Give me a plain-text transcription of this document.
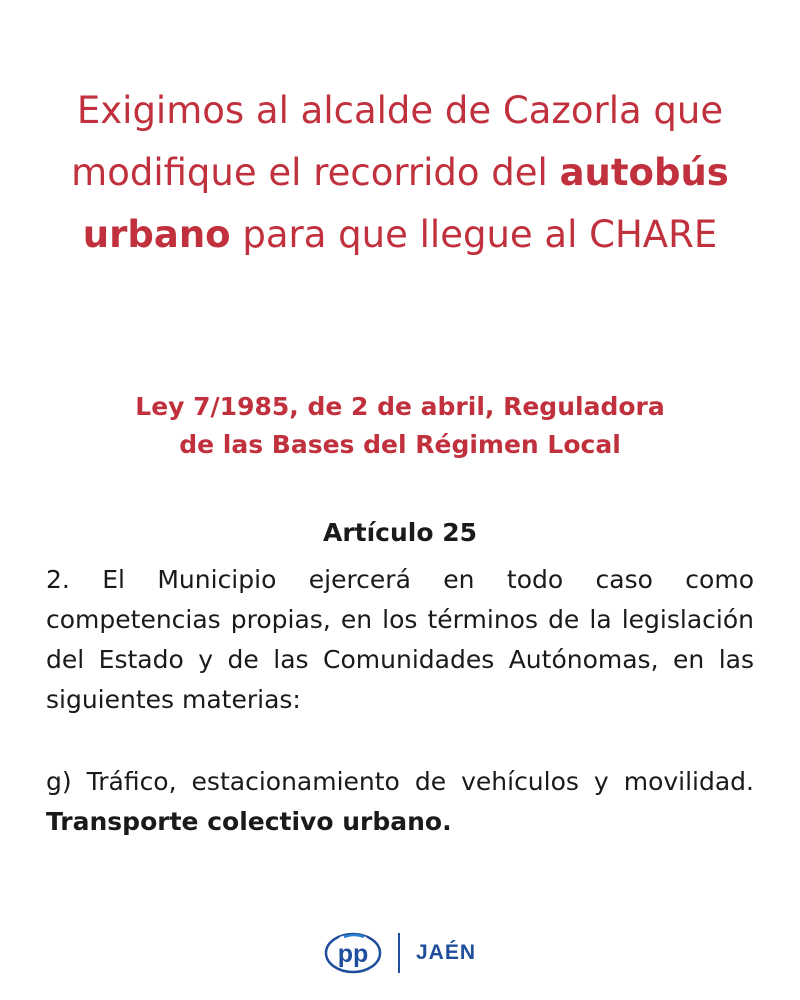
Exigimos al alcalde de Cazorla que modifique el recorrido del autobús urbano para que llegue al CHARE
Ley 7/1985, de 2 de abril, Reguladora
de las Bases del Régimen Local
Artículo 25
2. El Municipio ejercerá en todo caso como competencias propias, en los términos de la legislación del Estado y de las Comunidades Autónomas, en las siguientes materias:
g) Tráfico, estacionamiento de vehículos y movilidad. Transporte colectivo urbano.
pp JAÉN
